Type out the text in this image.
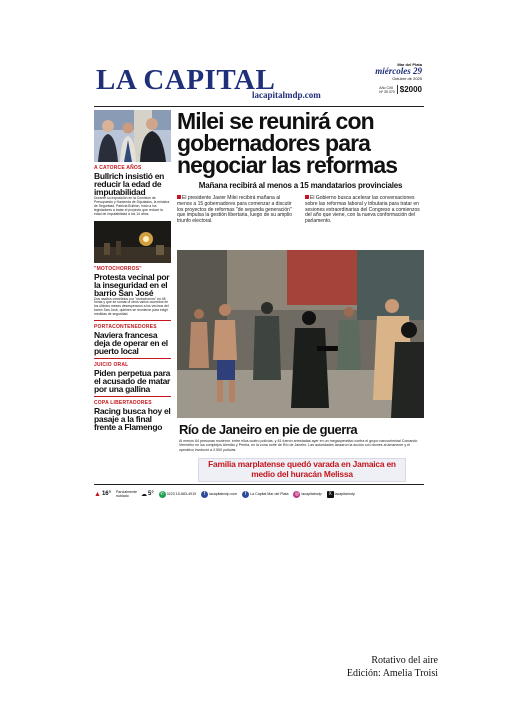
LA CAPITAL
lacapitalmdp.com
Mar del Plata
miércoles 29
Octubre de 2025
Año CXII
Nº 39.370 $2000
A CATORCE AÑOS
Bullrich insistió en reducir la edad de imputabilidad
Durante su exposición en la Comisión de Presupuesto y Hacienda de Diputados, la ministra de Seguridad, Patricia Bullrich, instó a los legisladores a tratar el proyecto que reduce la edad de imputabilidad a los 14 años.
"MOTOCHORROS"
Protesta vecinal por la inseguridad en el barrio San José
Dos asaltos cometidos por "motochorros" en 48 horas y que se suman a otros varios ocurridos en los últimos meses desesperaron a los vecinos del barrio San José, quienes se reunieron para exigir medidas de seguridad.
PORTACONTENEDORES
Naviera francesa deja de operar en el puerto local
JUICIO ORAL
Piden perpetua para el acusado de matar por una gallina
COPA LIBERTADORES
Racing busca hoy el pasaje a la final frente a Flamengo
Milei se reunirá con gobernadores para negociar las reformas
Mañana recibirá al menos a 15 mandatarios provinciales
El presidente Javier Milei recibirá mañana al menos a 15 gobernadores para comenzar a discutir los proyectos de reformas "de segunda generación" que impulsa la gestión libertaria, luego de su amplio triunfo electoral.
El Gobierno busca acelerar las conversaciones sobre las reformas laboral y tributaria para tratar en sesiones extraordinarias del Congreso a comienzos del año que viene, con la nueva conformación del parlamento.
Río de Janeiro en pie de guerra
Al menos 64 personas murieron, entre ellos cuatro policías, y 81 fueron arrestadas ayer en un megaoperativo contra el grupo narcocriminal Comando Vermelho en los complejos Alemão y Penha, en la zona norte de Río de Janeiro. Las autoridades lanzaron la acción con drones al amanecer y el operativo involucró a 2.500 policías.
Familia marplatense quedó varada en Jamaica en medio del huracán Melissa
▲ 16° Parcialmente nublado	☁ 5° ✆ 0223 15-683-4919	f	lacapitalmdp.com	f	La Capital Mar del Plata ◎ lacapitalmdp	X lacapitalmdp
Rotativo del aire
Edición: Amelia Troisi
